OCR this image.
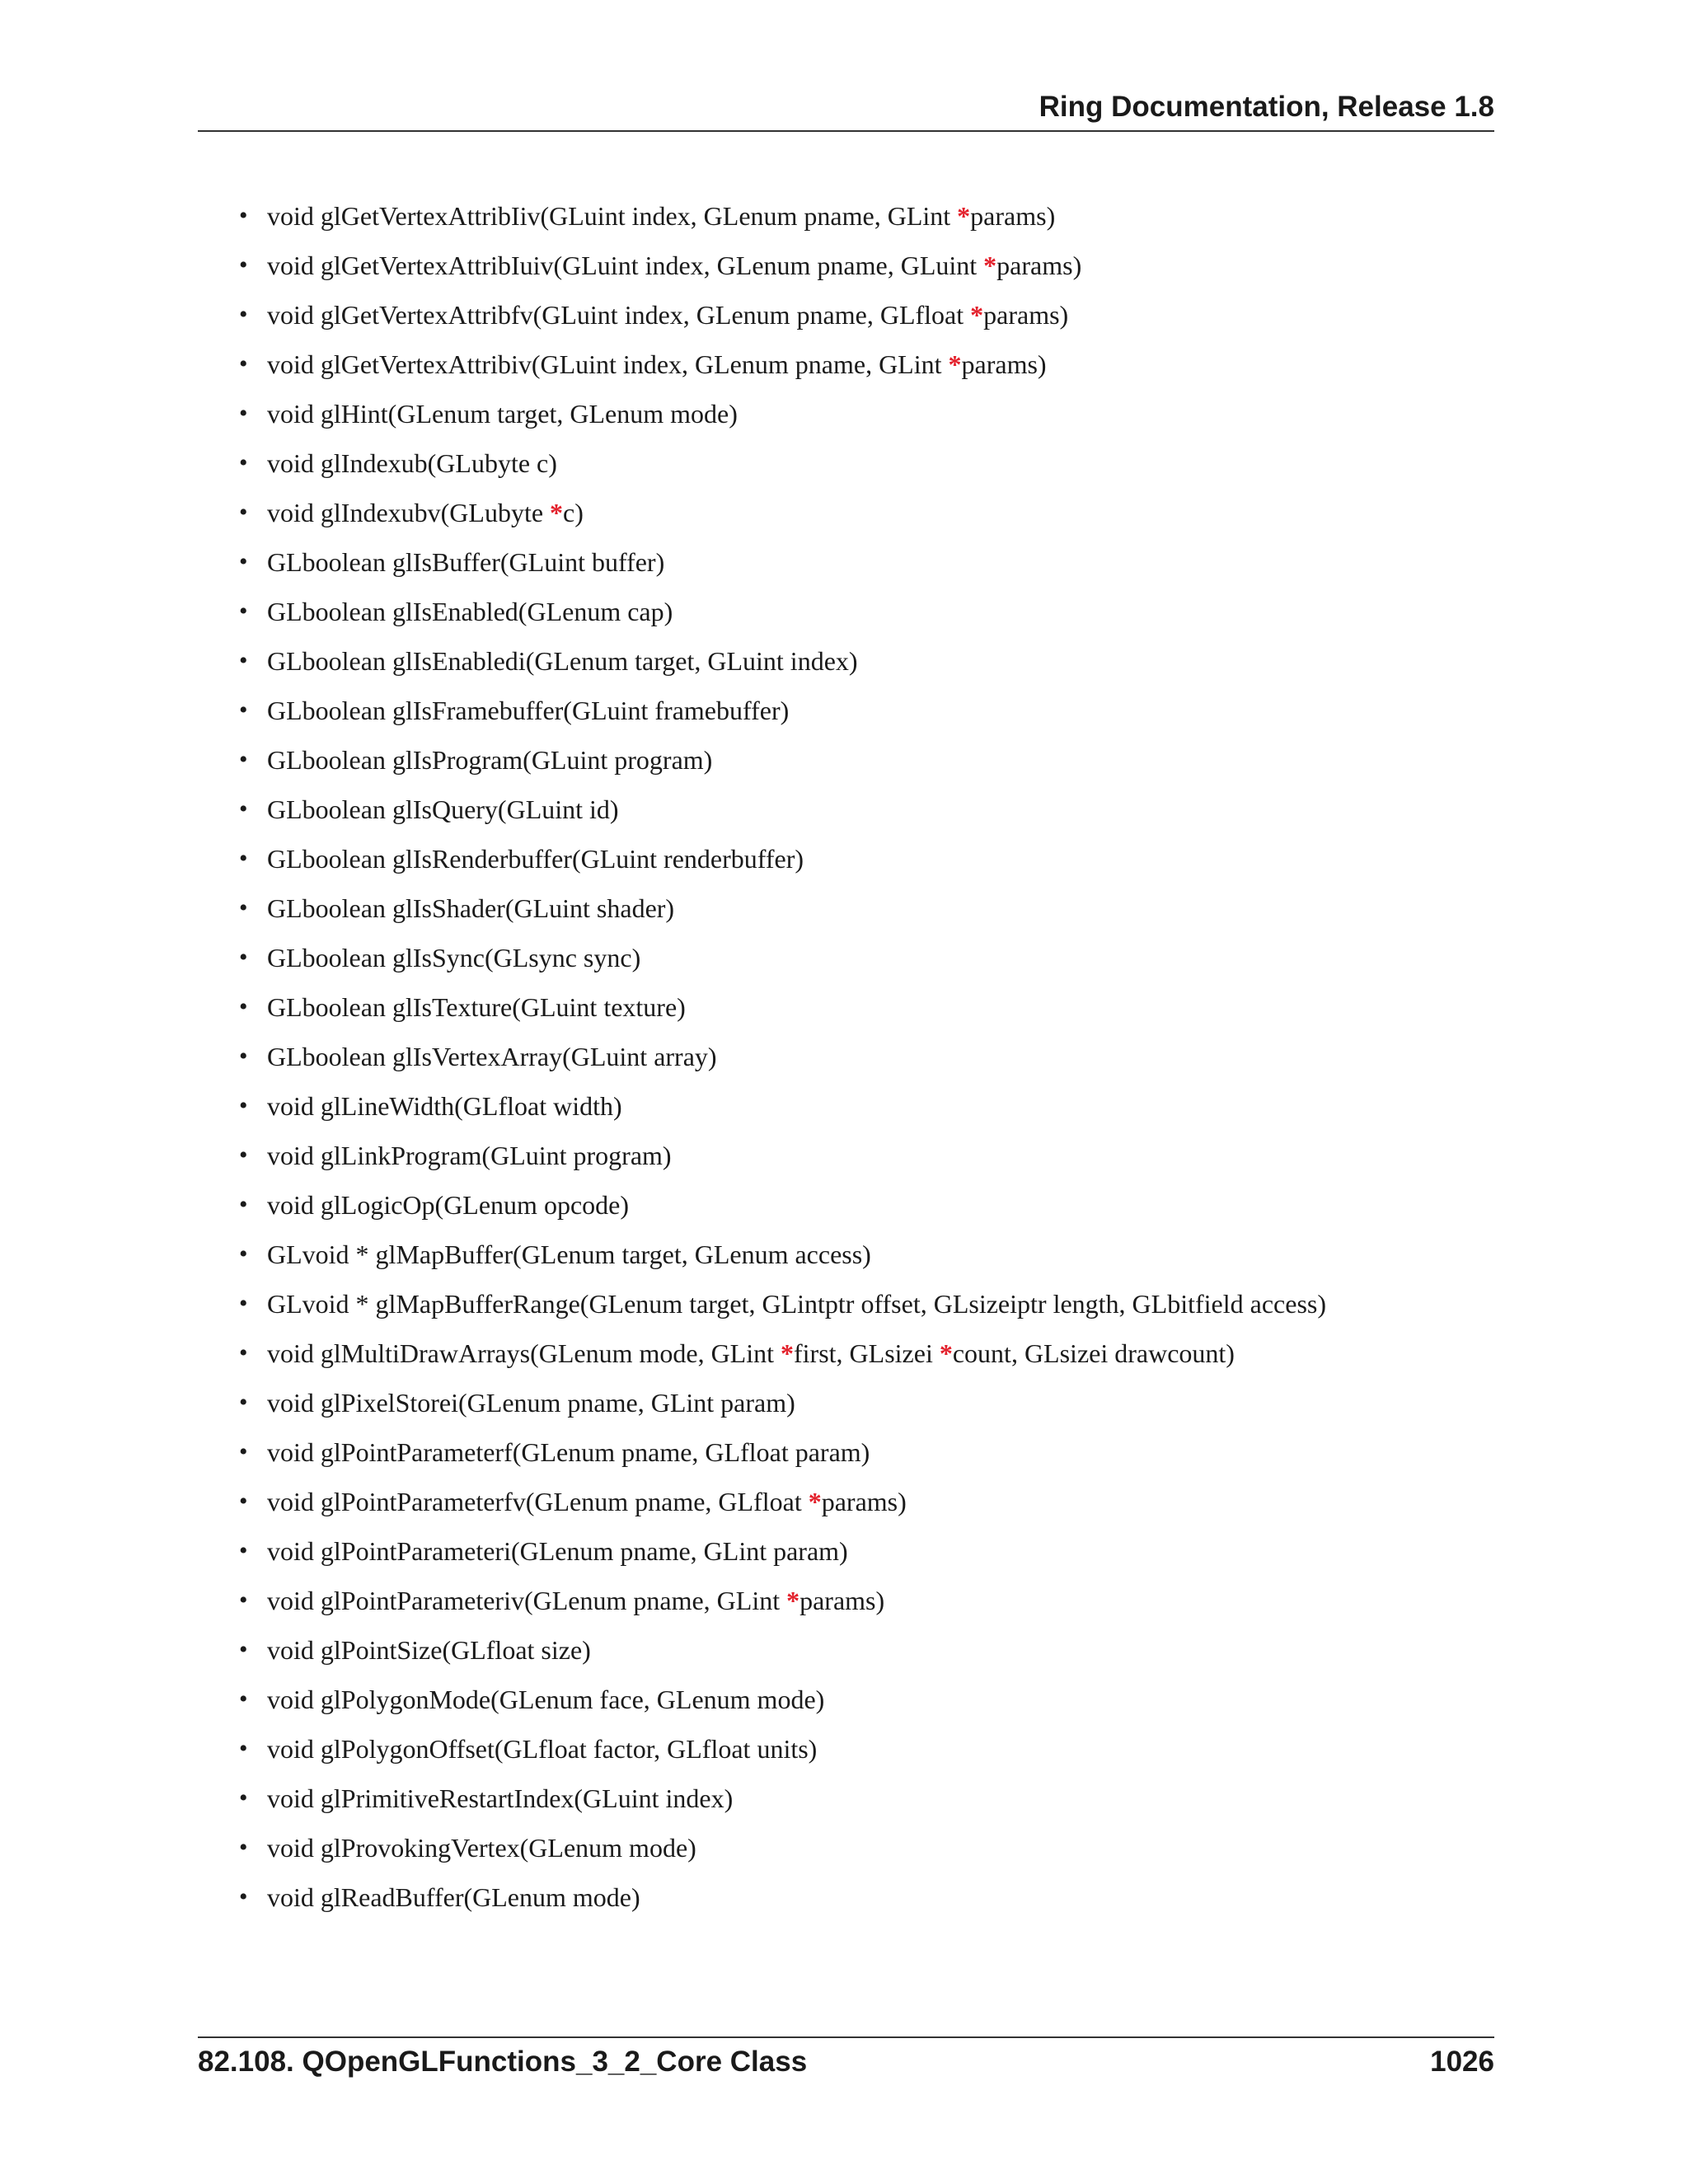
Ring Documentation, Release 1.8
• void glGetVertexAttribIiv(GLuint index, GLenum pname, GLint *params)
• void glGetVertexAttribIuiv(GLuint index, GLenum pname, GLuint *params)
• void glGetVertexAttribfv(GLuint index, GLenum pname, GLfloat *params)
• void glGetVertexAttribiv(GLuint index, GLenum pname, GLint *params)
• void glHint(GLenum target, GLenum mode)
• void glIndexub(GLubyte c)
• void glIndexubv(GLubyte *c)
• GLboolean glIsBuffer(GLuint buffer)
• GLboolean glIsEnabled(GLenum cap)
• GLboolean glIsEnabledi(GLenum target, GLuint index)
• GLboolean glIsFramebuffer(GLuint framebuffer)
• GLboolean glIsProgram(GLuint program)
• GLboolean glIsQuery(GLuint id)
• GLboolean glIsRenderbuffer(GLuint renderbuffer)
• GLboolean glIsShader(GLuint shader)
• GLboolean glIsSync(GLsync sync)
• GLboolean glIsTexture(GLuint texture)
• GLboolean glIsVertexArray(GLuint array)
• void glLineWidth(GLfloat width)
• void glLinkProgram(GLuint program)
• void glLogicOp(GLenum opcode)
• GLvoid * glMapBuffer(GLenum target, GLenum access)
• GLvoid * glMapBufferRange(GLenum target, GLintptr offset, GLsizeiptr length, GLbitfield access)
• void glMultiDrawArrays(GLenum mode, GLint *first, GLsizei *count, GLsizei drawcount)
• void glPixelStorei(GLenum pname, GLint param)
• void glPointParameterf(GLenum pname, GLfloat param)
• void glPointParameterfv(GLenum pname, GLfloat *params)
• void glPointParameteri(GLenum pname, GLint param)
• void glPointParameteriv(GLenum pname, GLint *params)
• void glPointSize(GLfloat size)
• void glPolygonMode(GLenum face, GLenum mode)
• void glPolygonOffset(GLfloat factor, GLfloat units)
• void glPrimitiveRestartIndex(GLuint index)
• void glProvokingVertex(GLenum mode)
• void glReadBuffer(GLenum mode)
82.108. QOpenGLFunctions_3_2_Core Class	1026
